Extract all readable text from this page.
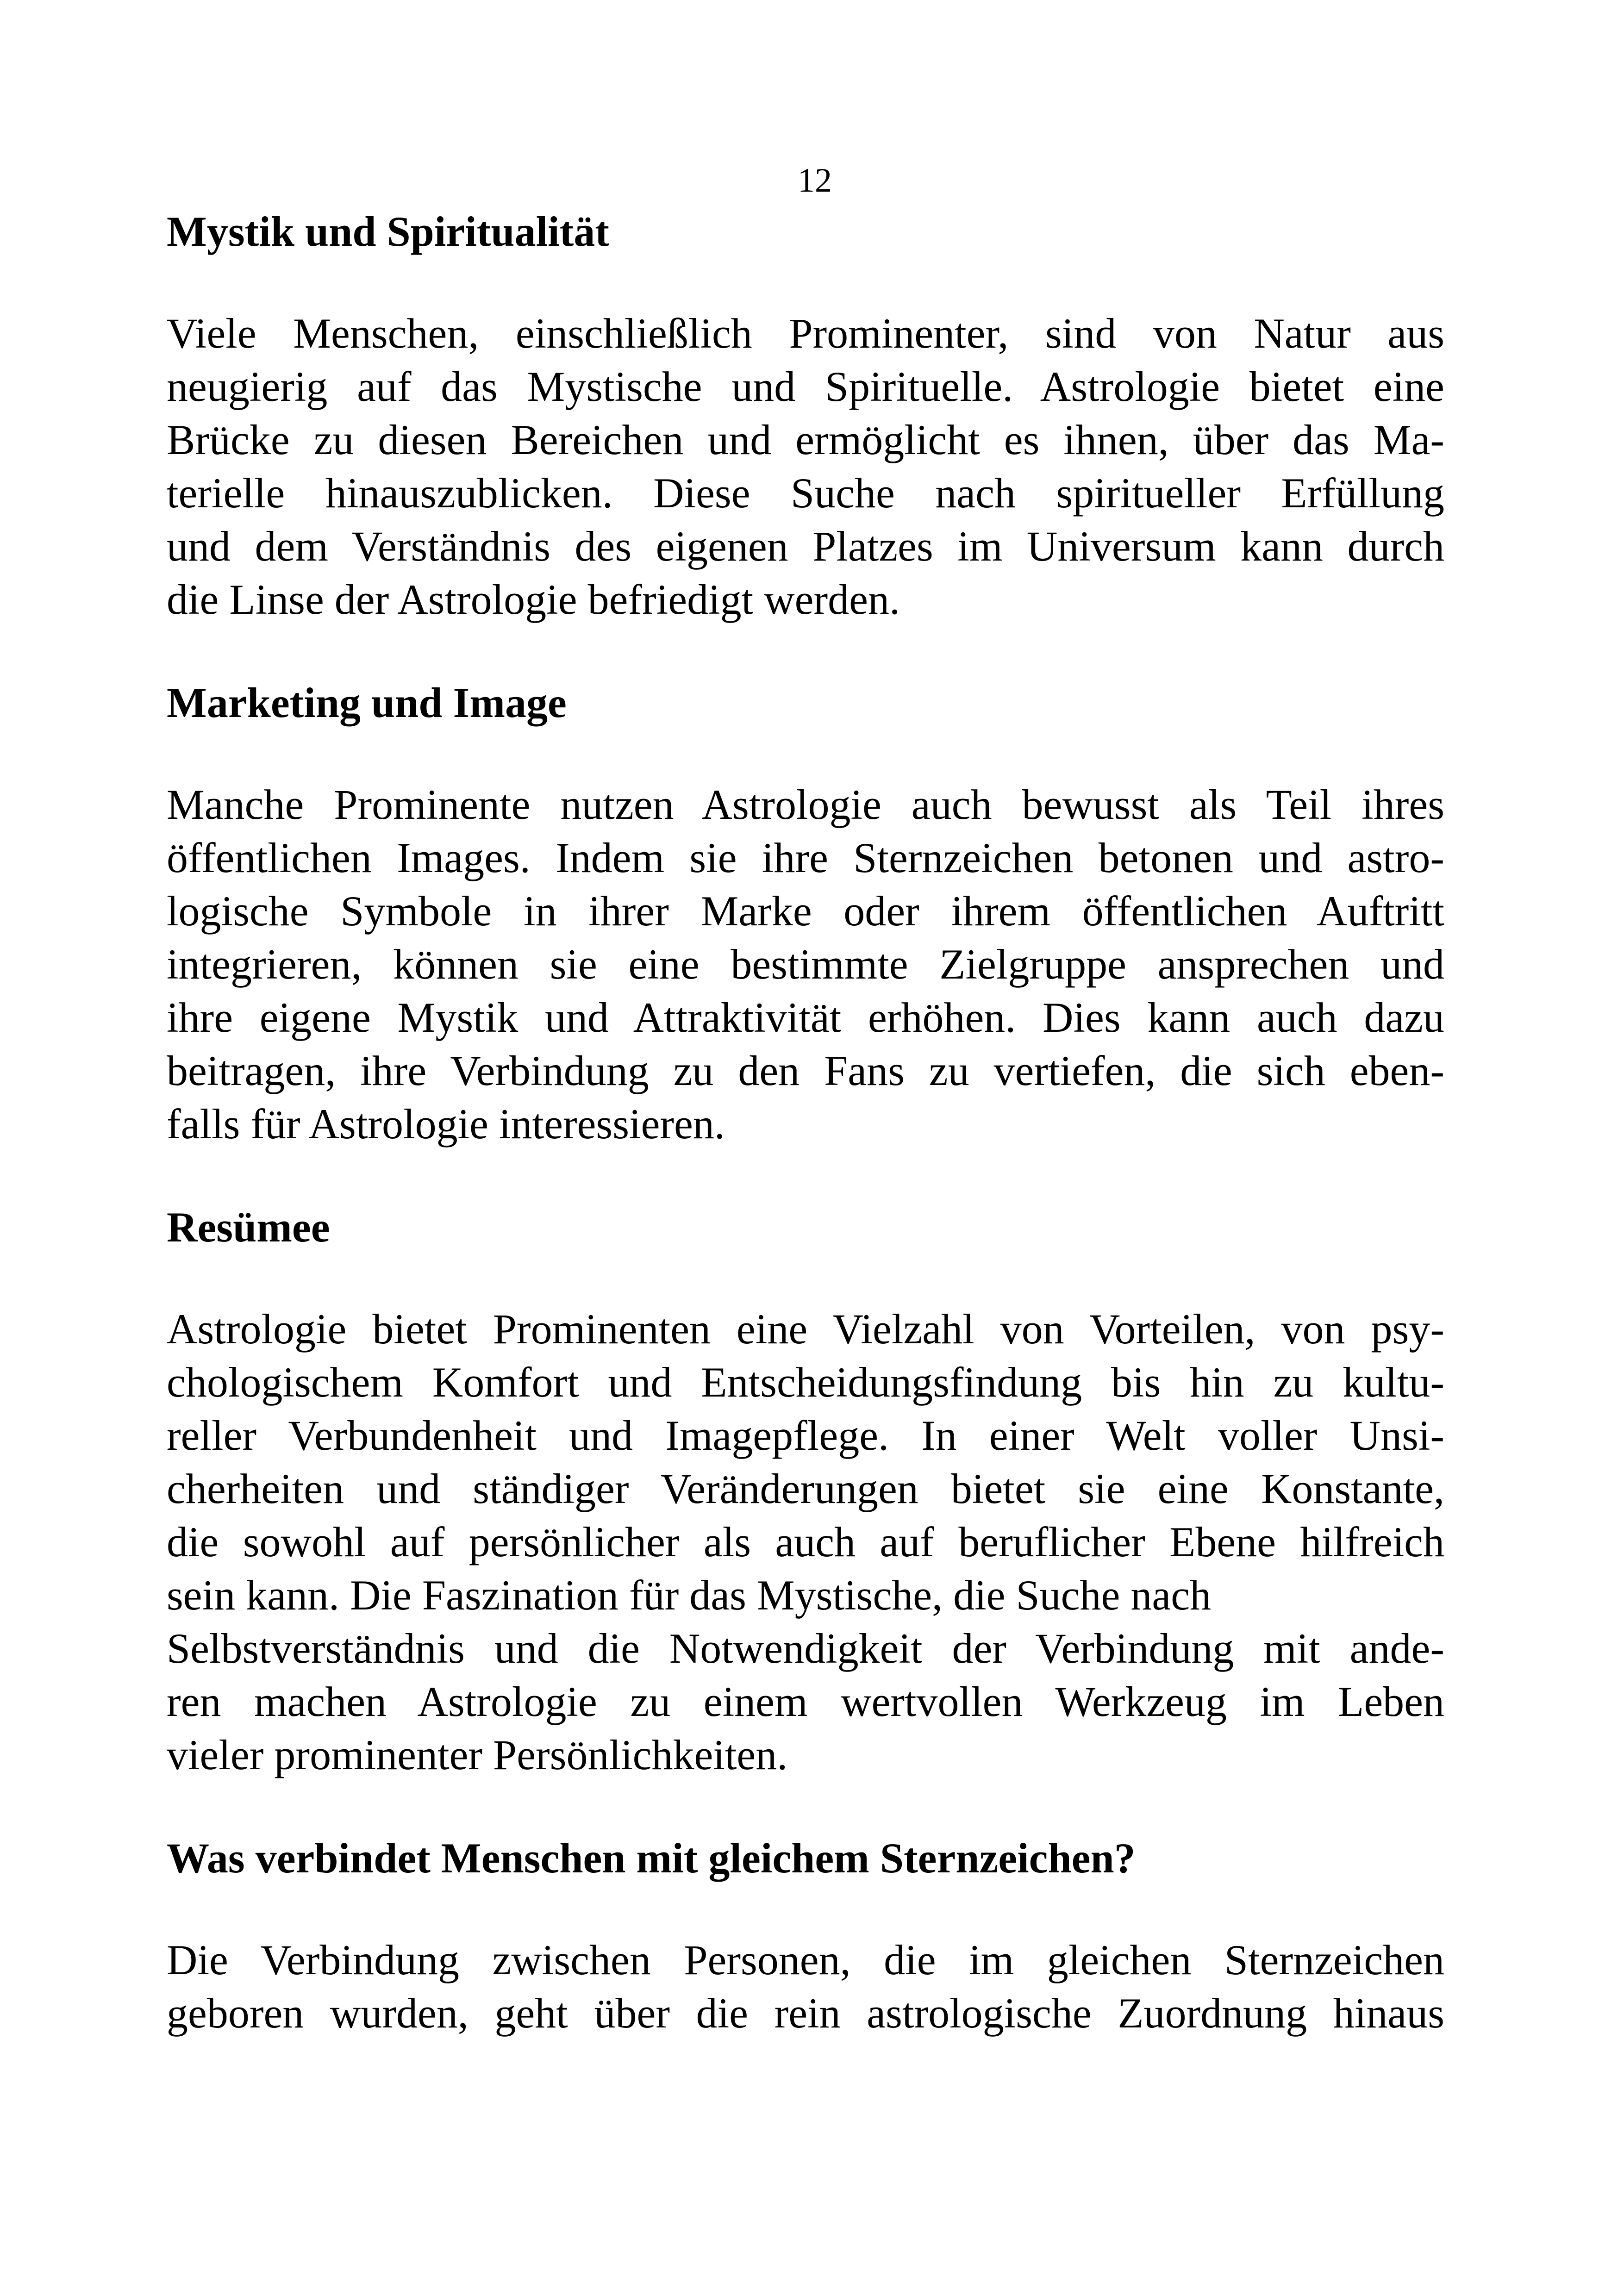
12
Mystik und Spiritualität

Viele Menschen, einschließlich Prominenter, sind von Natur aus
neugierig auf das Mystische und Spirituelle. Astrologie bietet eine
Brücke zu diesen Bereichen und ermöglicht es ihnen, über das Ma-
terielle hinauszublicken. Diese Suche nach spiritueller Erfüllung
und dem Verständnis des eigenen Platzes im Universum kann durch
die Linse der Astrologie befriedigt werden.

Marketing und Image

Manche Prominente nutzen Astrologie auch bewusst als Teil ihres
öffentlichen Images. Indem sie ihre Sternzeichen betonen und astro-
logische Symbole in ihrer Marke oder ihrem öffentlichen Auftritt
integrieren, können sie eine bestimmte Zielgruppe ansprechen und
ihre eigene Mystik und Attraktivität erhöhen. Dies kann auch dazu
beitragen, ihre Verbindung zu den Fans zu vertiefen, die sich eben-
falls für Astrologie interessieren.

Resümee

Astrologie bietet Prominenten eine Vielzahl von Vorteilen, von psy-
chologischem Komfort und Entscheidungsfindung bis hin zu kultu-
reller Verbundenheit und Imagepflege. In einer Welt voller Unsi-
cherheiten und ständiger Veränderungen bietet sie eine Konstante,
die sowohl auf persönlicher als auch auf beruflicher Ebene hilfreich
sein kann. Die Faszination für das Mystische, die Suche nach
Selbstverständnis und die Notwendigkeit der Verbindung mit ande-
ren machen Astrologie zu einem wertvollen Werkzeug im Leben
vieler prominenter Persönlichkeiten.

Was verbindet Menschen mit gleichem Sternzeichen?

Die Verbindung zwischen Personen, die im gleichen Sternzeichen
geboren wurden, geht über die rein astrologische Zuordnung hinaus
